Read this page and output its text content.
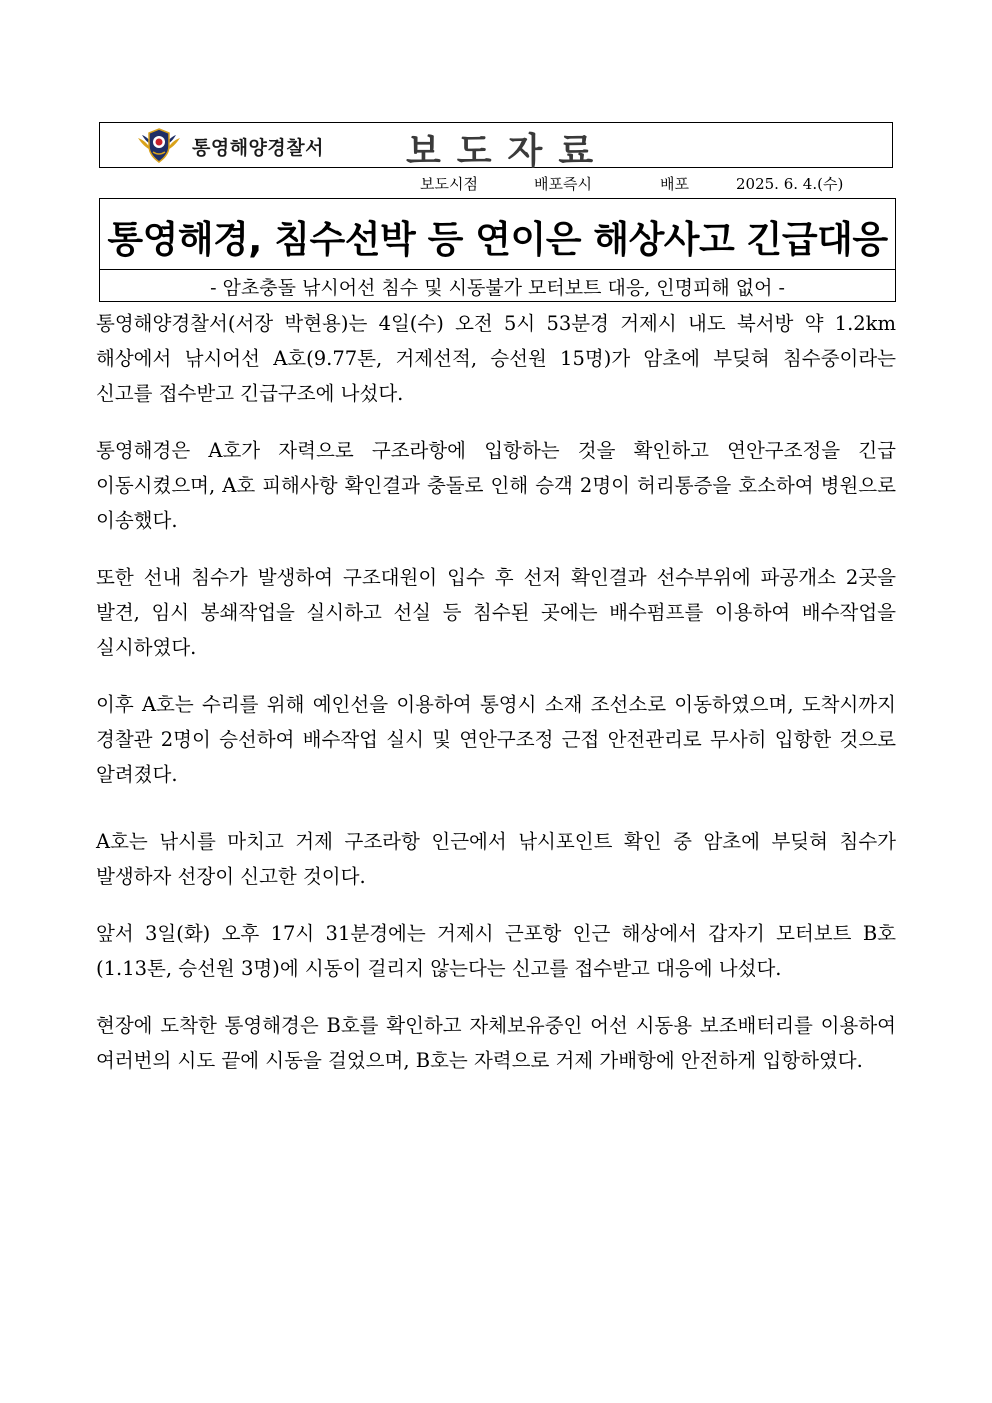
통영해양경찰서 보도자료
보도시점	배포즉시	배포	2025. 6. 4.(수)
통영해경, 침수선박 등 연이은 해상사고 긴급대응
- 암초충돌 낚시어선 침수 및 시동불가 모터보트 대응, 인명피해 없어 -

통영해양경찰서(서장 박현용)는 4일(수) 오전 5시 53분경 거제시 내도 북서방 약 1.2km 해상에서 낚시어선 A호(9.77톤, 거제선적, 승선원 15명)가 암초에 부딪혀 침수중이라는 신고를 접수받고 긴급구조에 나섰다.

통영해경은 A호가 자력으로 구조라항에 입항하는 것을 확인하고 연안구조정을 긴급 이동시켰으며, A호 피해사항 확인결과 충돌로 인해 승객 2명이 허리통증을 호소하여 병원으로 이송했다.

또한 선내 침수가 발생하여 구조대원이 입수 후 선저 확인결과 선수부위에 파공개소 2곳을 발견, 임시 봉쇄작업을 실시하고 선실 등 침수된 곳에는 배수펌프를 이용하여 배수작업을 실시하였다.

이후 A호는 수리를 위해 예인선을 이용하여 통영시 소재 조선소로 이동하였으며, 도착시까지 경찰관 2명이 승선하여 배수작업 실시 및 연안구조정 근접 안전관리로 무사히 입항한 것으로 알려졌다.

A호는 낚시를 마치고 거제 구조라항 인근에서 낚시포인트 확인 중 암초에 부딪혀 침수가 발생하자 선장이 신고한 것이다.

앞서 3일(화) 오후 17시 31분경에는 거제시 근포항 인근 해상에서 갑자기 모터보트 B호(1.13톤, 승선원 3명)에 시동이 걸리지 않는다는 신고를 접수받고 대응에 나섰다.

현장에 도착한 통영해경은 B호를 확인하고 자체보유중인 어선 시동용 보조배터리를 이용하여 여러번의 시도 끝에 시동을 걸었으며, B호는 자력으로 거제 가배항에 안전하게 입항하였다.
